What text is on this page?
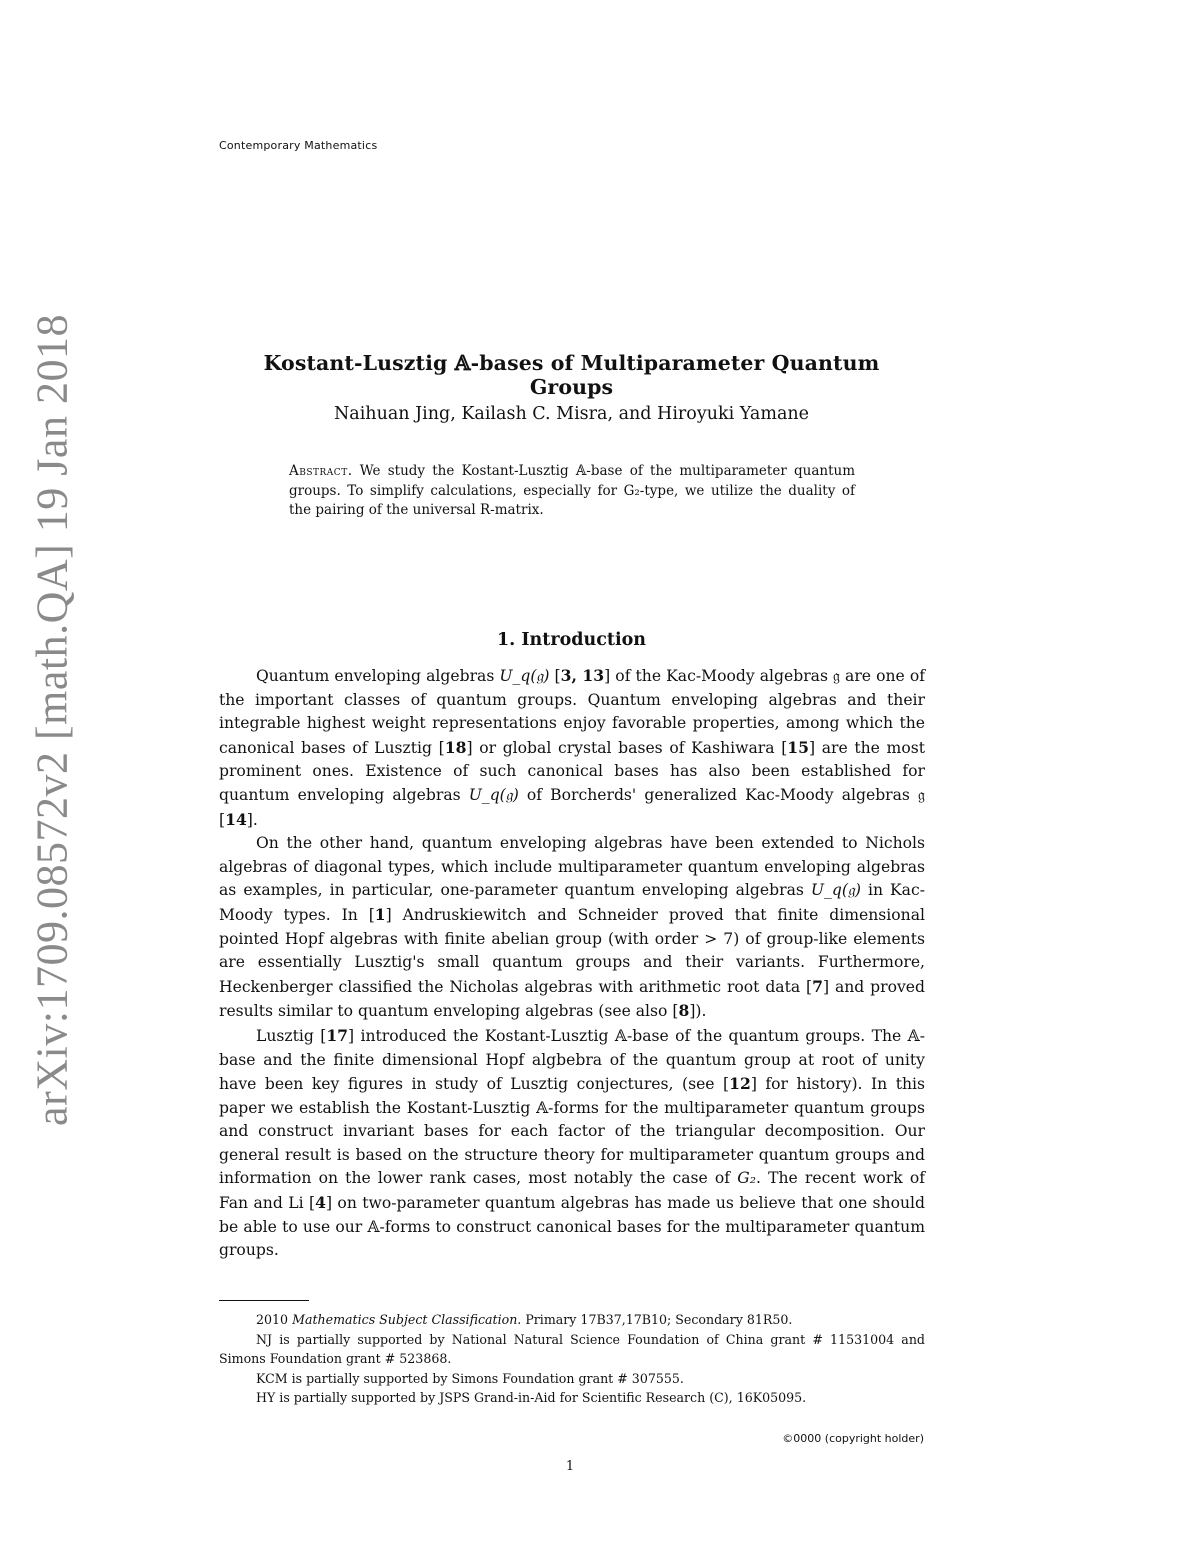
arXiv:1709.08572v2 [math.QA] 19 Jan 2018
Contemporary Mathematics
Kostant-Lusztig 𝔸-bases of Multiparameter Quantum Groups
Naihuan Jing, Kailash C. Misra, and Hiroyuki Yamane
Abstract. We study the Kostant-Lusztig 𝔸-base of the multiparameter quantum groups. To simplify calculations, especially for G₂-type, we utilize the duality of the pairing of the universal R-matrix.
1. Introduction

Quantum enveloping algebras U_q(𝔤) [3, 13] of the Kac-Moody algebras 𝔤 are one of the important classes of quantum groups. Quantum enveloping algebras and their integrable highest weight representations enjoy favorable properties, among which the canonical bases of Lusztig [18] or global crystal bases of Kashiwara [15] are the most prominent ones. Existence of such canonical bases has also been established for quantum enveloping algebras U_q(𝔤) of Borcherds' generalized Kac-Moody algebras 𝔤 [14].

On the other hand, quantum enveloping algebras have been extended to Nichols algebras of diagonal types, which include multiparameter quantum enveloping algebras as examples, in particular, one-parameter quantum enveloping algebras U_q(𝔤) in Kac-Moody types. In [1] Andruskiewitch and Schneider proved that finite dimensional pointed Hopf algebras with finite abelian group (with order > 7) of group-like elements are essentially Lusztig's small quantum groups and their variants. Furthermore, Heckenberger classified the Nicholas algebras with arithmetic root data [7] and proved results similar to quantum enveloping algebras (see also [8]).

Lusztig [17] introduced the Kostant-Lusztig 𝔸-base of the quantum groups. The 𝔸-base and the finite dimensional Hopf algbebra of the quantum group at root of unity have been key figures in study of Lusztig conjectures, (see [12] for history). In this paper we establish the Kostant-Lusztig 𝔸-forms for the multiparameter quantum groups and construct invariant bases for each factor of the triangular decomposition. Our general result is based on the structure theory for multiparameter quantum groups and information on the lower rank cases, most notably the case of G₂. The recent work of Fan and Li [4] on two-parameter quantum algebras has made us believe that one should be able to use our 𝔸-forms to construct canonical bases for the multiparameter quantum groups.

2010 Mathematics Subject Classification. Primary 17B37,17B10; Secondary 81R50.

NJ is partially supported by National Natural Science Foundation of China grant # 11531004 and Simons Foundation grant # 523868.

KCM is partially supported by Simons Foundation grant # 307555.

HY is partially supported by JSPS Grand-in-Aid for Scientific Research (C), 16K05095.

©0000 (copyright holder)
1
